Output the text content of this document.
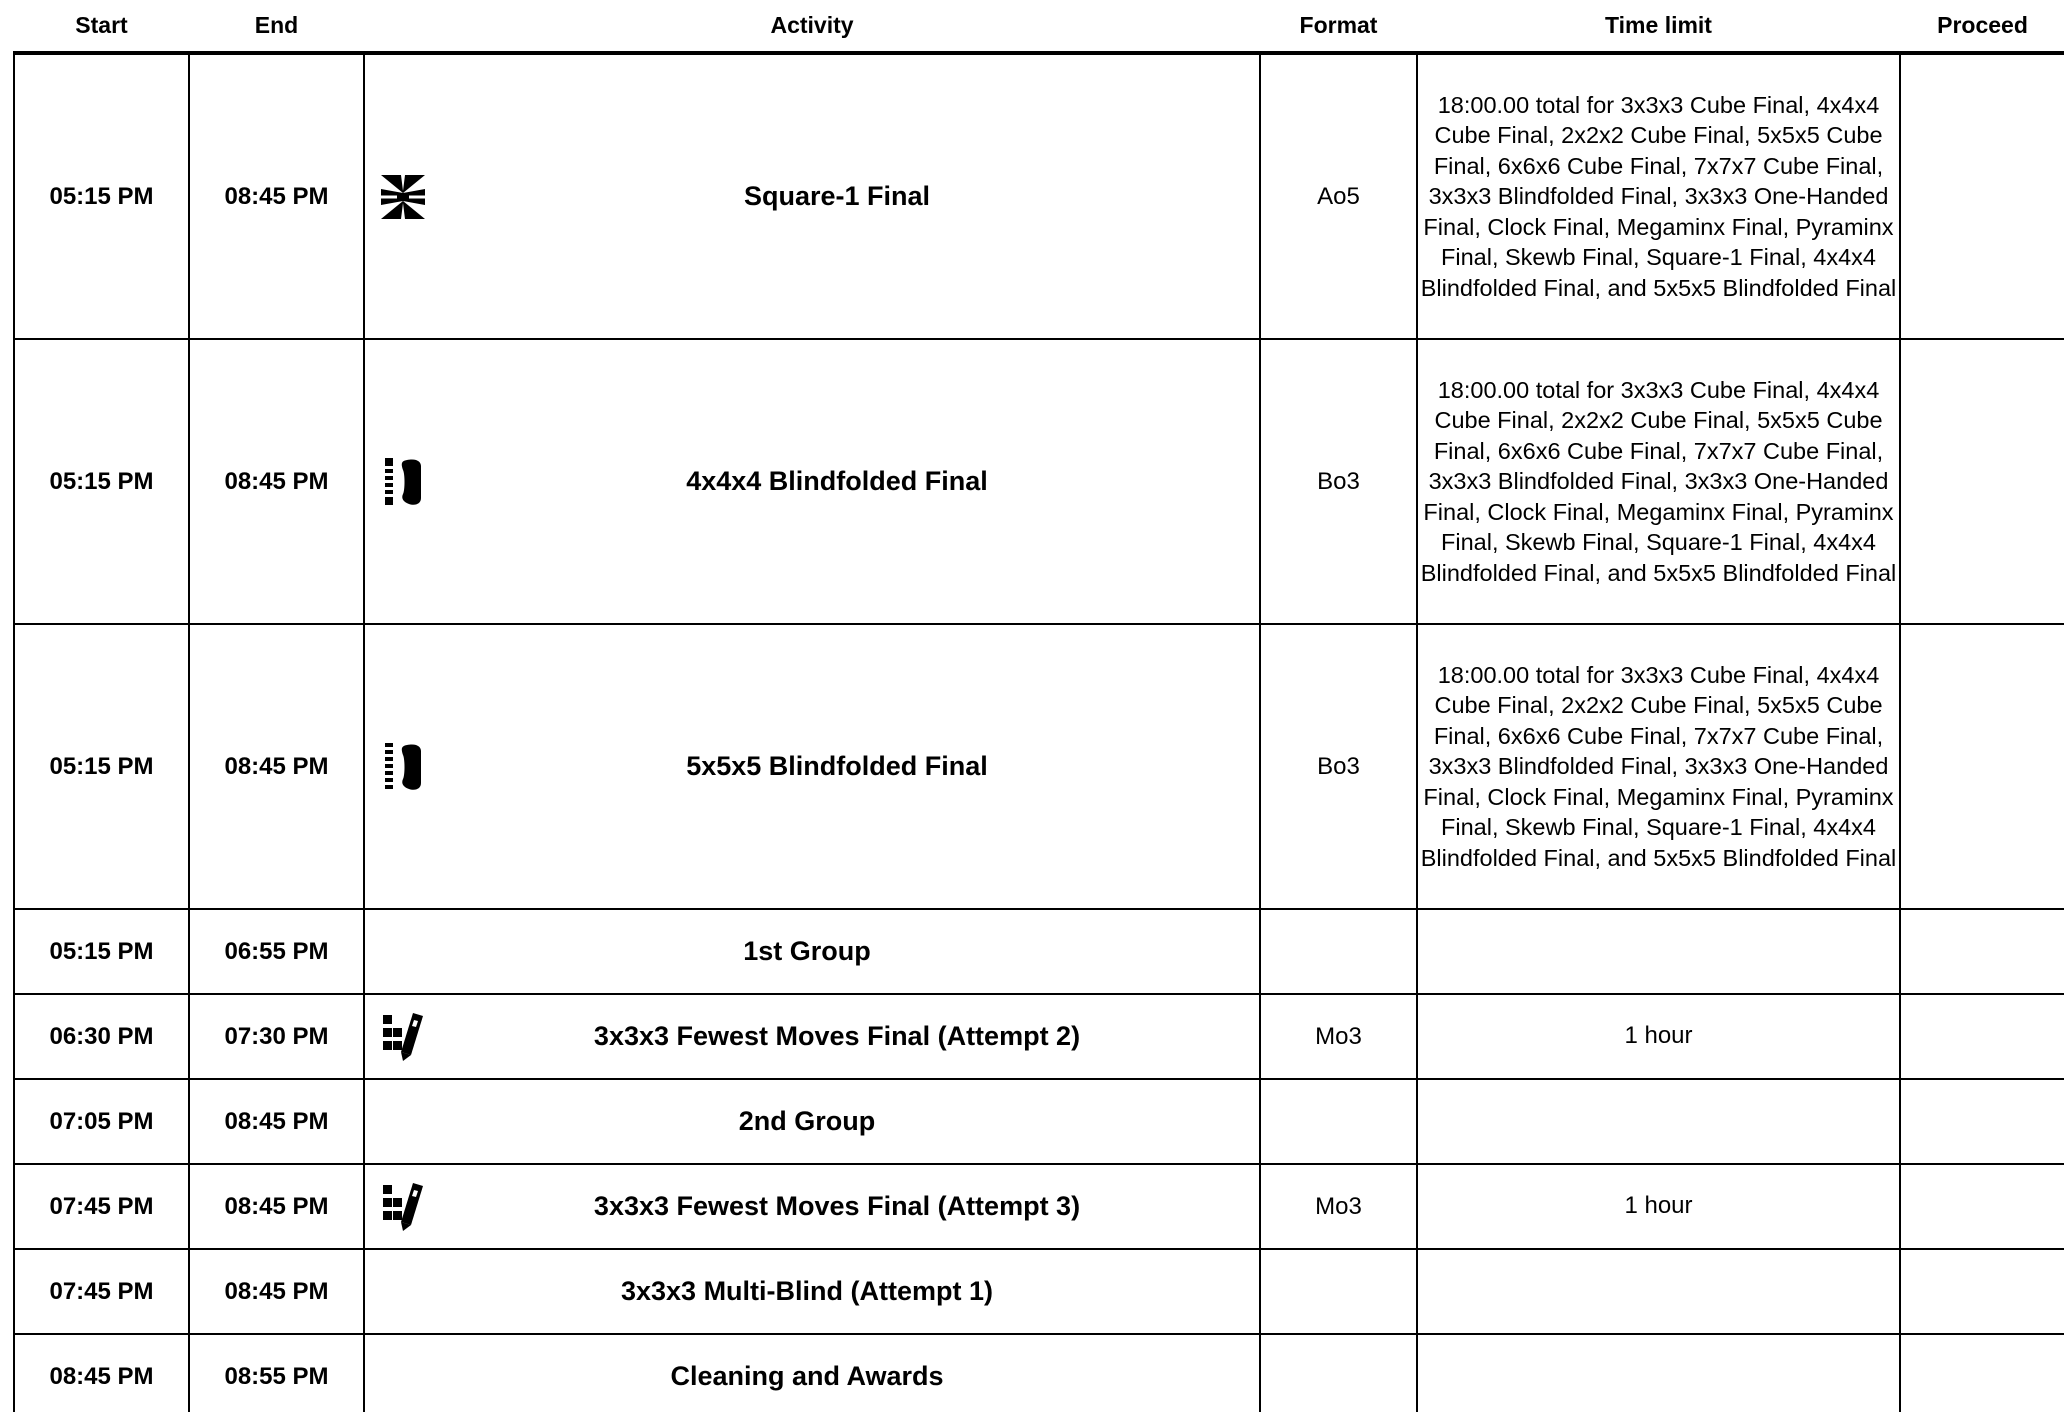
Start	End	Activity	Format	Time limit	Proceed
05:15 PM	08:45 PM	Square-1 Final	Ao5	18:00.00 total for 3x3x3 Cube Final, 4x4x4 Cube Final, 2x2x2 Cube Final, 5x5x5 Cube Final, 6x6x6 Cube Final, 7x7x7 Cube Final, 3x3x3 Blindfolded Final, 3x3x3 One-Handed Final, Clock Final, Megaminx Final, Pyraminx Final, Skewb Final, Square-1 Final, 4x4x4 Blindfolded Final, and 5x5x5 Blindfolded Final	
05:15 PM	08:45 PM	4x4x4 Blindfolded Final	Bo3	18:00.00 total for 3x3x3 Cube Final, 4x4x4 Cube Final, 2x2x2 Cube Final, 5x5x5 Cube Final, 6x6x6 Cube Final, 7x7x7 Cube Final, 3x3x3 Blindfolded Final, 3x3x3 One-Handed Final, Clock Final, Megaminx Final, Pyraminx Final, Skewb Final, Square-1 Final, 4x4x4 Blindfolded Final, and 5x5x5 Blindfolded Final	
05:15 PM	08:45 PM	5x5x5 Blindfolded Final	Bo3	18:00.00 total for 3x3x3 Cube Final, 4x4x4 Cube Final, 2x2x2 Cube Final, 5x5x5 Cube Final, 6x6x6 Cube Final, 7x7x7 Cube Final, 3x3x3 Blindfolded Final, 3x3x3 One-Handed Final, Clock Final, Megaminx Final, Pyraminx Final, Skewb Final, Square-1 Final, 4x4x4 Blindfolded Final, and 5x5x5 Blindfolded Final	
05:15 PM	06:55 PM	1st Group			

06:30 PM	07:30 PM	3x3x3 Fewest Moves Final (Attempt 2)	Mo3	1 hour	
07:05 PM	08:45 PM	2nd Group			

07:45 PM	08:45 PM	3x3x3 Fewest Moves Final (Attempt 3)	Mo3	1 hour	
07:45 PM	08:45 PM	3x3x3 Multi-Blind (Attempt 1)			

08:45 PM	08:55 PM	Cleaning and Awards			
